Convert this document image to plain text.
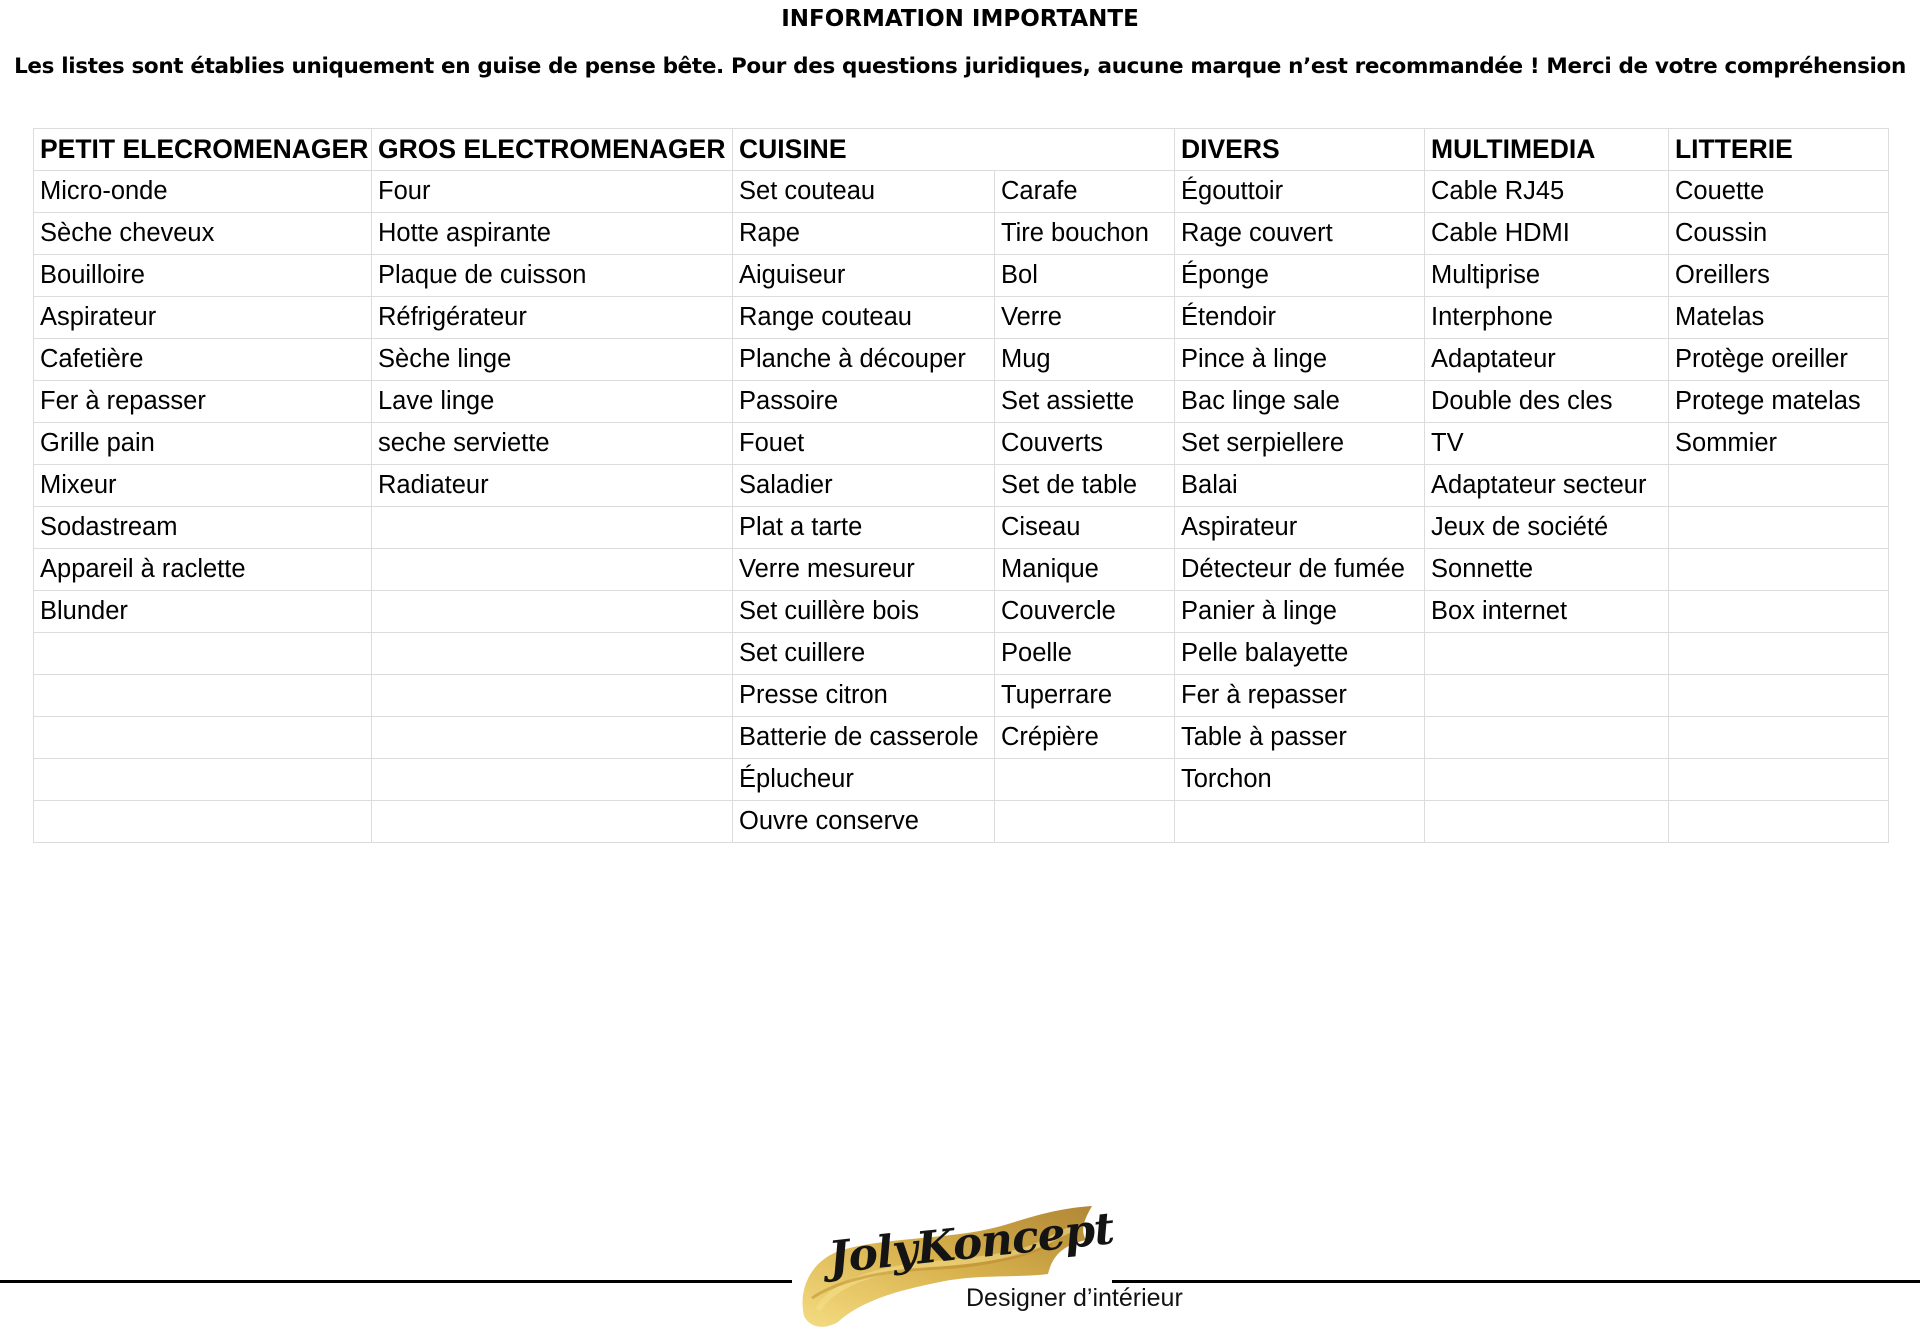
INFORMATION IMPORTANTE
Les listes sont établies uniquement en guise de pense bête. Pour des questions juridiques, aucune marque n’est recommandée ! Merci de votre compréhension
PETIT ELECROMENAGER	GROS ELECTROMENAGER	CUISINE		DIVERS	MULTIMEDIA	LITTERIE
Micro-onde	Four	Set couteau	Carafe	Égouttoir	Cable RJ45	Couette
Sèche cheveux	Hotte aspirante	Rape	Tire bouchon	Rage couvert	Cable HDMI	Coussin
Bouilloire	Plaque de cuisson	Aiguiseur	Bol	Éponge	Multiprise	Oreillers
Aspirateur	Réfrigérateur	Range couteau	Verre	Étendoir	Interphone	Matelas
Cafetière	Sèche linge	Planche à découper	Mug	Pince à linge	Adaptateur	Protège oreiller
Fer à repasser	Lave linge	Passoire	Set assiette	Bac linge sale	Double des cles	Protege matelas
Grille pain	seche serviette	Fouet	Couverts	Set serpiellere	TV	Sommier
Mixeur	Radiateur	Saladier	Set de table	Balai	Adaptateur secteur	
Sodastream		Plat a tarte	Ciseau	Aspirateur	Jeux de société	
Appareil à raclette		Verre mesureur	Manique	Détecteur de fumée	Sonnette	
Blunder		Set cuillère bois	Couvercle	Panier à linge	Box internet	
		Set cuillere	Poelle	Pelle balayette		
		Presse citron	Tuperrare	Fer à repasser		
		Batterie de casserole	Crépière	Table à passer		
		Éplucheur		Torchon		
		Ouvre conserve				
JolyKoncept
Designer d’intérieur
